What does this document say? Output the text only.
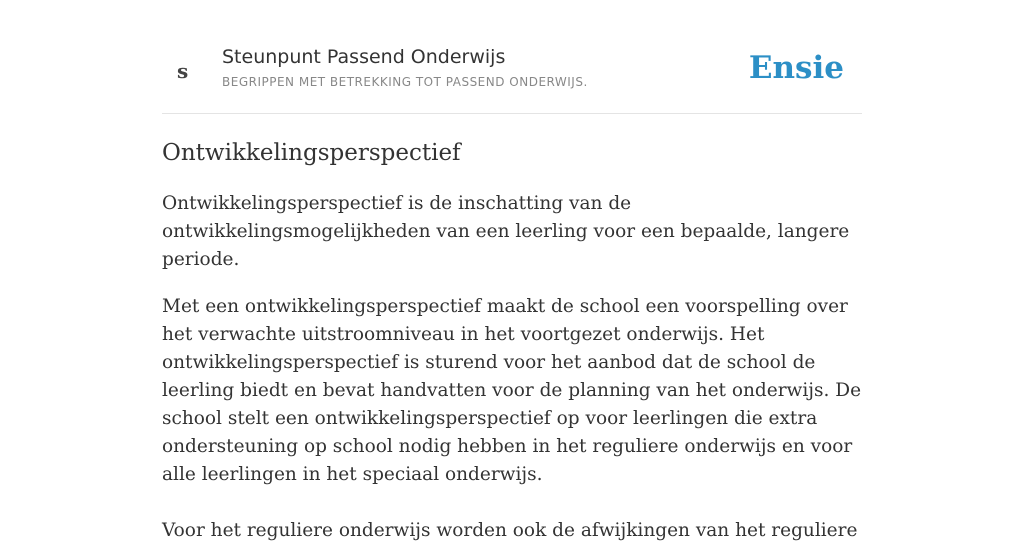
s
Steunpunt Passend Onderwijs
BEGRIPPEN MET BETREKKING TOT PASSEND ONDERWIJS.	Ensie
Ontwikkelingsperspectief

Ontwikkelingsperspectief is de inschatting van de ontwikkelingsmogelijkheden van een leerling voor een bepaalde, langere periode.

Met een ontwikkelingsperspectief maakt de school een voorspelling over het verwachte uitstroomniveau in het voortgezet onderwijs. Het ontwikkelingsperspectief is sturend voor het aanbod dat de school de leerling biedt en bevat handvatten voor de planning van het onderwijs. De school stelt een ontwikkelingsperspectief op voor leerlingen die extra ondersteuning op school nodig hebben in het reguliere onderwijs en voor alle leerlingen in het speciaal onderwijs.

Voor het reguliere onderwijs worden ook de afwijkingen van het reguliere
